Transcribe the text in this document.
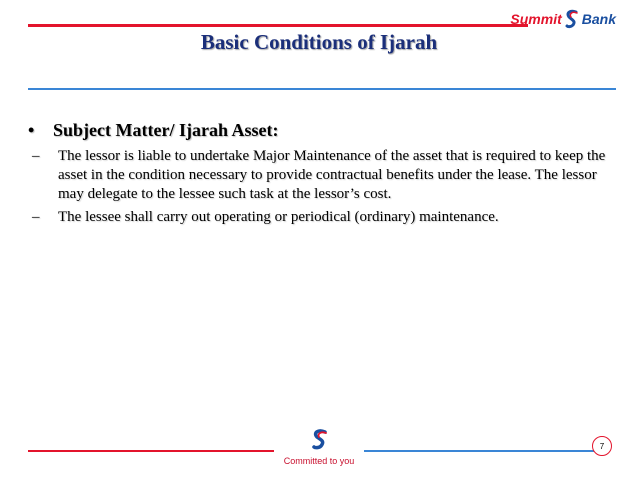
Summit Bank
Basic Conditions of Ijarah
•	Subject Matter/ Ijarah Asset:
–	The lessor is liable to undertake Major Maintenance of the asset that is required to keep the asset in the condition necessary to provide contractual benefits under the lease. The lessor may delegate to the lessee such task at the lessor’s cost.
–	The lessee shall carry out operating or periodical (ordinary) maintenance.
Committed to you
7
